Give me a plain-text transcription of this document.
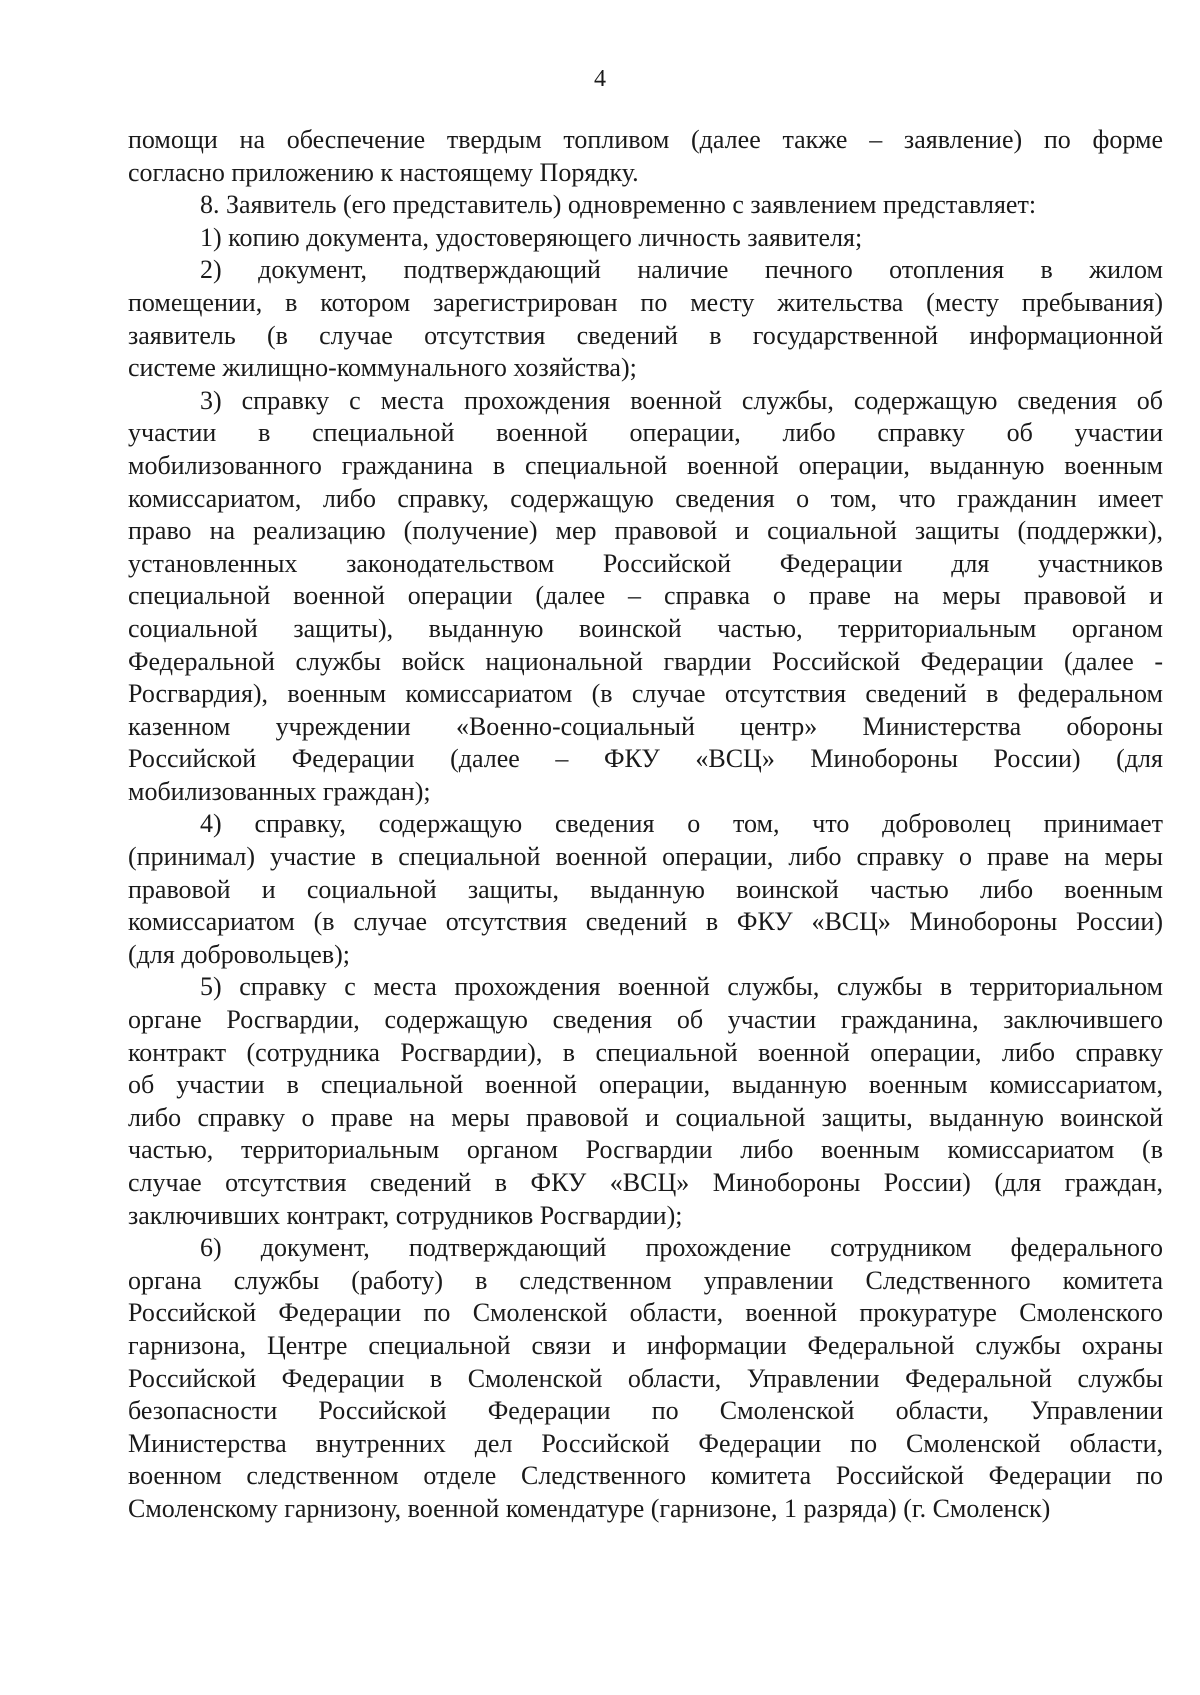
4
помощи на обеспечение твердым топливом (далее также – заявление) по форме
согласно приложению к настоящему Порядку.
8. Заявитель (его представитель) одновременно с заявлением представляет:
1) копию документа, удостоверяющего личность заявителя;
2) документ, подтверждающий наличие печного отопления в жилом
помещении, в котором зарегистрирован по месту жительства (месту пребывания)
заявитель (в случае отсутствия сведений в государственной информационной
системе жилищно-коммунального хозяйства);
3) справку с места прохождения военной службы, содержащую сведения об
участии в специальной военной операции, либо справку об участии
мобилизованного гражданина в специальной военной операции, выданную военным
комиссариатом, либо справку, содержащую сведения о том, что гражданин имеет
право на реализацию (получение) мер правовой и социальной защиты (поддержки),
установленных законодательством Российской Федерации для участников
специальной военной операции (далее – справка о праве на меры правовой и
социальной защиты), выданную воинской частью, территориальным органом
Федеральной службы войск национальной гвардии Российской Федерации (далее -
Росгвардия), военным комиссариатом (в случае отсутствия сведений в федеральном
казенном учреждении «Военно-социальный центр» Министерства обороны
Российской Федерации (далее – ФКУ «ВСЦ» Минобороны России) (для
мобилизованных граждан);
4) справку, содержащую сведения о том, что доброволец принимает
(принимал) участие в специальной военной операции, либо справку о праве на меры
правовой и социальной защиты, выданную воинской частью либо военным
комиссариатом (в случае отсутствия сведений в ФКУ «ВСЦ» Минобороны России)
(для добровольцев);
5) справку с места прохождения военной службы, службы в территориальном
органе Росгвардии, содержащую сведения об участии гражданина, заключившего
контракт (сотрудника Росгвардии), в специальной военной операции, либо справку
об участии в специальной военной операции, выданную военным комиссариатом,
либо справку о праве на меры правовой и социальной защиты, выданную воинской
частью, территориальным органом Росгвардии либо военным комиссариатом (в
случае отсутствия сведений в ФКУ «ВСЦ» Минобороны России) (для граждан,
заключивших контракт, сотрудников Росгвардии);
6) документ, подтверждающий прохождение сотрудником федерального
органа службы (работу) в следственном управлении Следственного комитета
Российской Федерации по Смоленской области, военной прокуратуре Смоленского
гарнизона, Центре специальной связи и информации Федеральной службы охраны
Российской Федерации в Смоленской области, Управлении Федеральной службы
безопасности Российской Федерации по Смоленской области, Управлении
Министерства внутренних дел Российской Федерации по Смоленской области,
военном следственном отделе Следственного комитета Российской Федерации по
Смоленскому гарнизону, военной комендатуре (гарнизоне, 1 разряда) (г. Смоленск)
